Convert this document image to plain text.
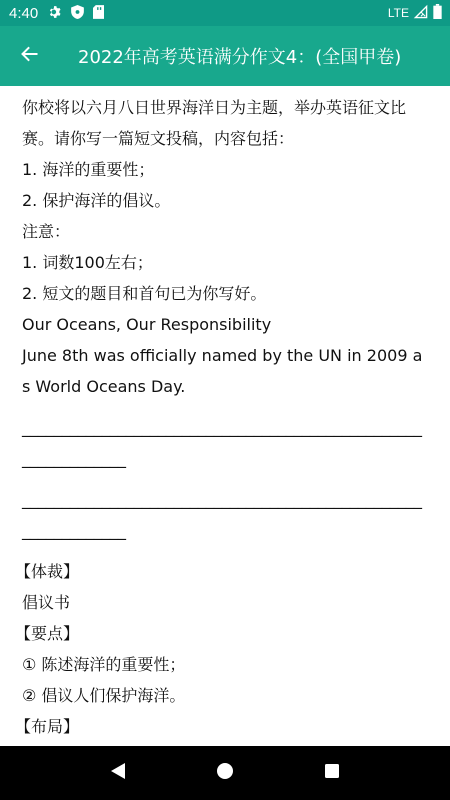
4:40	LTE
2022年高考英语满分作文4：(全国甲卷)

你校将以六月八日世界海洋日为主题，举办英语征文比赛。请你写一篇短文投稿，内容包括：

1. 海洋的重要性；

2. 保护海洋的倡议。

注意：

1. 词数100左右；

2. 短文的题目和首句已为你写好。

Our Oceans, Our Responsibility

June 8th was officially named by the UN in 2009 as World Oceans Day.

_______________________________________________________________

_______________________________________________________________

【体裁】

倡议书

【要点】

① 陈述海洋的重要性；

② 倡议人们保护海洋。

【布局】
